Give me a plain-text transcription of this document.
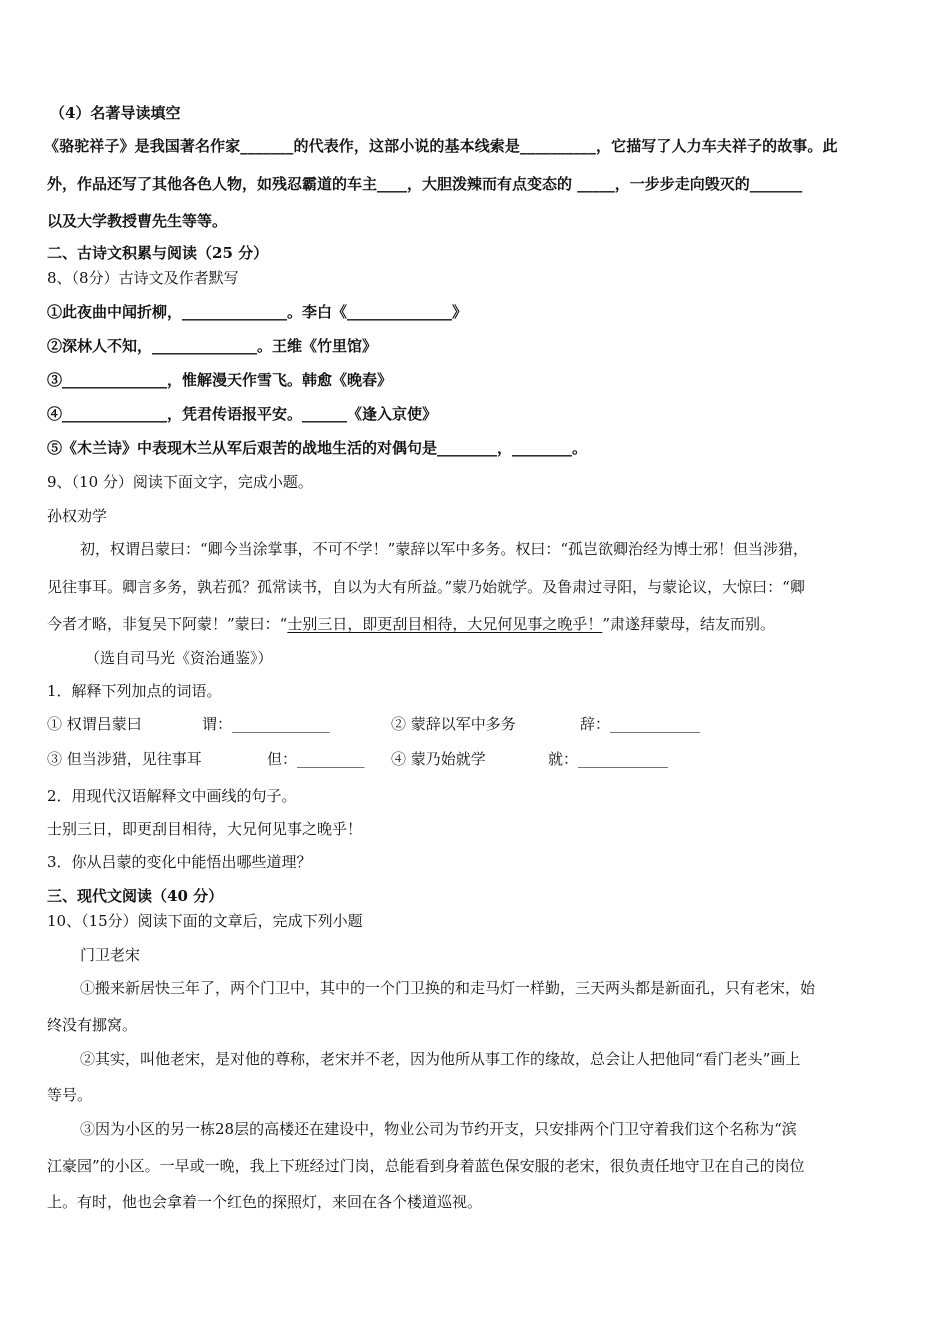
（4）名著导读填空
《骆驼祥子》是我国著名作家_______的代表作，这部小说的基本线索是__________，它描写了人力车夫祥子的故事。此
外，作品还写了其他各色人物，如残忍霸道的车主____，大胆泼辣而有点变态的 _____，一步步走向毁灭的_______
以及大学教授曹先生等等。
二、古诗文积累与阅读（25 分）
8、（8分）古诗文及作者默写
①此夜曲中闻折柳，______________。李白《______________》
②深林人不知，______________。王维《竹里馆》
③______________，惟解漫天作雪飞。韩愈《晚春》
④______________，凭君传语报平安。______《逢入京使》
⑤《木兰诗》中表现木兰从军后艰苦的战地生活的对偶句是________，________。
9、（10 分）阅读下面文字，完成小题。
孙权劝学
初，权谓吕蒙曰：“卿今当涂掌事，不可不学！”蒙辞以军中多务。权曰：“孤岂欲卿治经为博士邪！但当涉猎，
见往事耳。卿言多务，孰若孤？孤常读书，自以为大有所益。”蒙乃始就学。及鲁肃过寻阳，与蒙论议，大惊曰：“卿
今者才略，非复吴下阿蒙！”蒙曰：“士别三日，即更刮目相待，大兄何见事之晚乎！”肃遂拜蒙母，结友而别。
（选自司马光《资治通鉴》）
1．解释下列加点的词语。
① 权谓吕蒙曰	谓：_____________	② 蒙辞以军中多务	辞：____________
③ 但当涉猎，见往事耳	但：_________ ④ 蒙乃始就学	就：____________
2．用现代汉语解释文中画线的句子。
士别三日，即更刮目相待，大兄何见事之晚乎！
3．你从吕蒙的变化中能悟出哪些道理？
三、现代文阅读（40 分）
10、（15分）阅读下面的文章后，完成下列小题
门卫老宋
①搬来新居快三年了，两个门卫中，其中的一个门卫换的和走马灯一样勤，三天两头都是新面孔，只有老宋，始
终没有挪窝。
②其实，叫他老宋，是对他的尊称，老宋并不老，因为他所从事工作的缘故，总会让人把他同“看门老头”画上
等号。
③因为小区的另一栋28层的高楼还在建设中，物业公司为节约开支，只安排两个门卫守着我们这个名称为“滨
江豪园”的小区。一早或一晚，我上下班经过门岗，总能看到身着蓝色保安服的老宋，很负责任地守卫在自己的岗位
上。有时，他也会拿着一个红色的探照灯，来回在各个楼道巡视。
